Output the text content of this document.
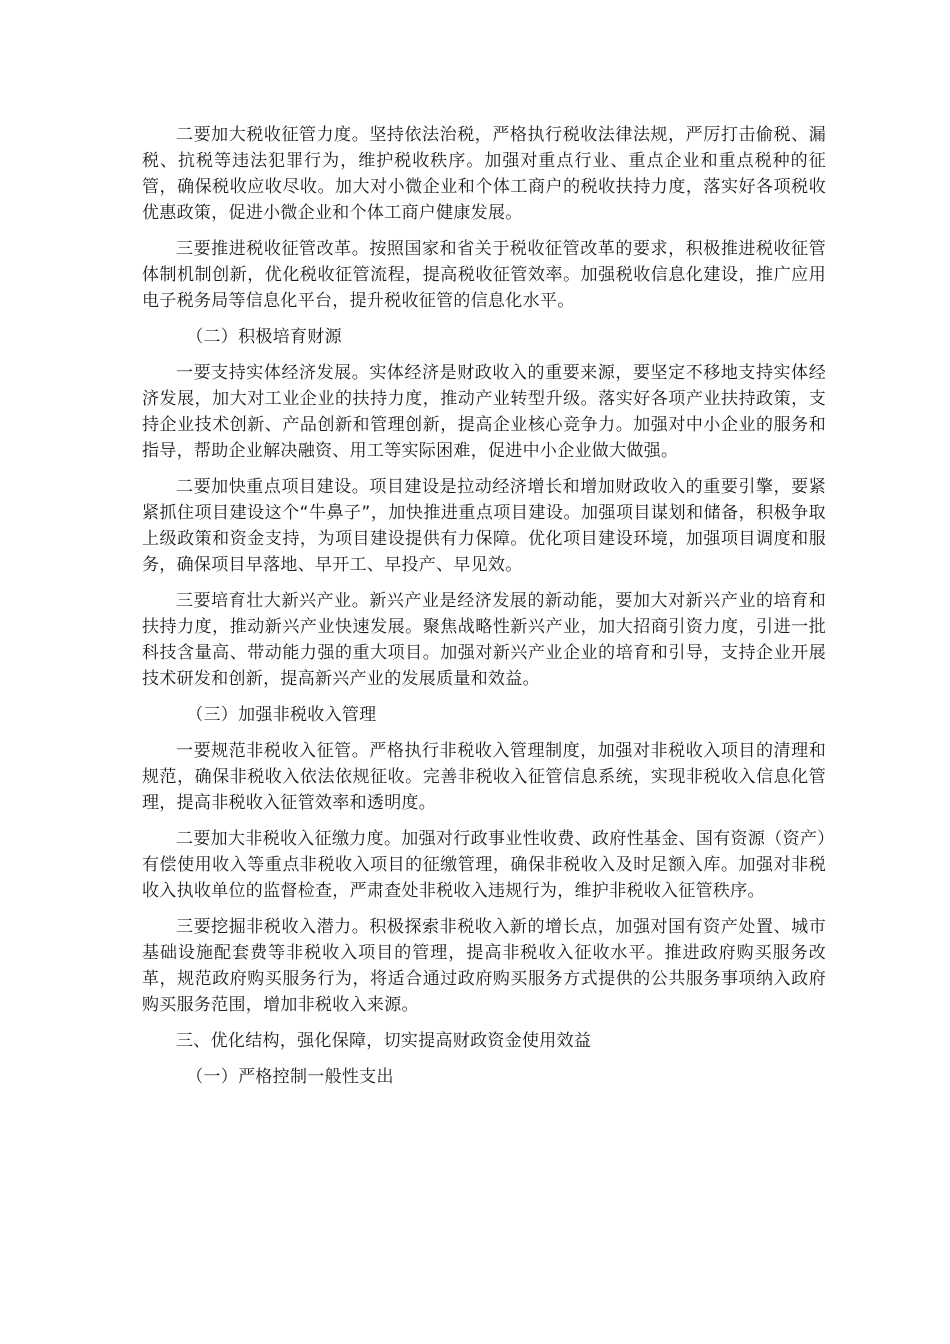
二要加大税收征管力度。坚持依法治税，严格执行税收法律法规，严厉打击偷税、漏税、抗税等违法犯罪行为，维护税收秩序。加强对重点行业、重点企业和重点税种的征管，确保税收应收尽收。加大对小微企业和个体工商户的税收扶持力度，落实好各项税收优惠政策，促进小微企业和个体工商户健康发展。

三要推进税收征管改革。按照国家和省关于税收征管改革的要求，积极推进税收征管体制机制创新，优化税收征管流程，提高税收征管效率。加强税收信息化建设，推广应用电子税务局等信息化平台，提升税收征管的信息化水平。

（二）积极培育财源

一要支持实体经济发展。实体经济是财政收入的重要来源，要坚定不移地支持实体经济发展，加大对工业企业的扶持力度，推动产业转型升级。落实好各项产业扶持政策，支持企业技术创新、产品创新和管理创新，提高企业核心竞争力。加强对中小企业的服务和指导，帮助企业解决融资、用工等实际困难，促进中小企业做大做强。

二要加快重点项目建设。项目建设是拉动经济增长和增加财政收入的重要引擎，要紧紧抓住项目建设这个“牛鼻子”，加快推进重点项目建设。加强项目谋划和储备，积极争取上级政策和资金支持，为项目建设提供有力保障。优化项目建设环境，加强项目调度和服务，确保项目早落地、早开工、早投产、早见效。

三要培育壮大新兴产业。新兴产业是经济发展的新动能，要加大对新兴产业的培育和扶持力度，推动新兴产业快速发展。聚焦战略性新兴产业，加大招商引资力度，引进一批科技含量高、带动能力强的重大项目。加强对新兴产业企业的培育和引导，支持企业开展技术研发和创新，提高新兴产业的发展质量和效益。

（三）加强非税收入管理

一要规范非税收入征管。严格执行非税收入管理制度，加强对非税收入项目的清理和规范，确保非税收入依法依规征收。完善非税收入征管信息系统，实现非税收入信息化管理，提高非税收入征管效率和透明度。

二要加大非税收入征缴力度。加强对行政事业性收费、政府性基金、国有资源（资产）有偿使用收入等重点非税收入项目的征缴管理，确保非税收入及时足额入库。加强对非税收入执收单位的监督检查，严肃查处非税收入违规行为，维护非税收入征管秩序。

三要挖掘非税收入潜力。积极探索非税收入新的增长点，加强对国有资产处置、城市基础设施配套费等非税收入项目的管理，提高非税收入征收水平。推进政府购买服务改革，规范政府购买服务行为，将适合通过政府购买服务方式提供的公共服务事项纳入政府购买服务范围，增加非税收入来源。

三、优化结构，强化保障，切实提高财政资金使用效益

（一）严格控制一般性支出
